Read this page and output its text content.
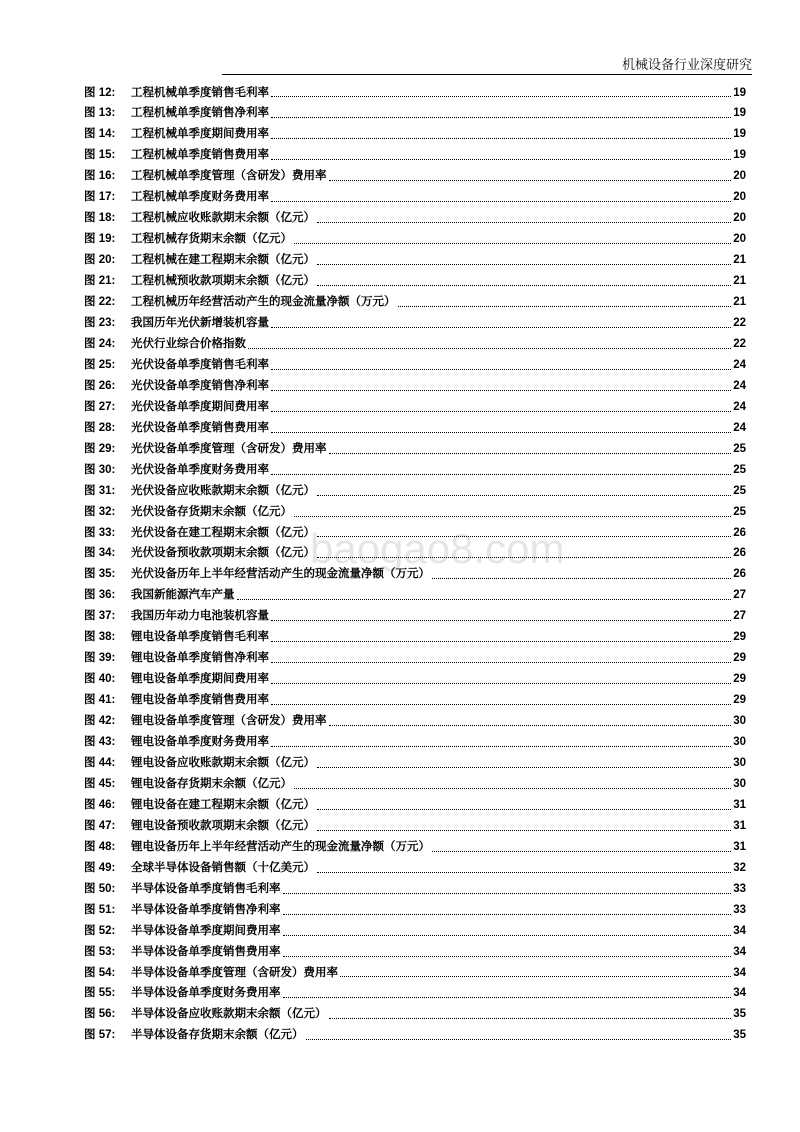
机械设备行业深度研究
图 12:	工程机械单季度销售毛利率	19
图 13:	工程机械单季度销售净利率	19
图 14:	工程机械单季度期间费用率	19
图 15:	工程机械单季度销售费用率	19
图 16:	工程机械单季度管理（含研发）费用率	20
图 17:	工程机械单季度财务费用率	20
图 18:	工程机械应收账款期末余额（亿元）	20
图 19:	工程机械存货期末余额（亿元）	20
图 20:	工程机械在建工程期末余额（亿元）	21
图 21:	工程机械预收款项期末余额（亿元）	21
图 22:	工程机械历年经营活动产生的现金流量净额（万元）	21
图 23:	我国历年光伏新增装机容量	22
图 24:	光伏行业综合价格指数	22
图 25:	光伏设备单季度销售毛利率	24
图 26:	光伏设备单季度销售净利率	24
图 27:	光伏设备单季度期间费用率	24
图 28:	光伏设备单季度销售费用率	24
图 29:	光伏设备单季度管理（含研发）费用率	25
图 30:	光伏设备单季度财务费用率	25
图 31:	光伏设备应收账款期末余额（亿元）	25
图 32:	光伏设备存货期末余额（亿元）	25
图 33:	光伏设备在建工程期末余额（亿元）	26
图 34:	光伏设备预收款项期末余额（亿元）	26
图 35:	光伏设备历年上半年经营活动产生的现金流量净额（万元）	26
图 36:	我国新能源汽车产量	27
图 37:	我国历年动力电池装机容量	27
图 38:	锂电设备单季度销售毛利率	29
图 39:	锂电设备单季度销售净利率	29
图 40:	锂电设备单季度期间费用率	29
图 41:	锂电设备单季度销售费用率	29
图 42:	锂电设备单季度管理（含研发）费用率	30
图 43:	锂电设备单季度财务费用率	30
图 44:	锂电设备应收账款期末余额（亿元）	30
图 45:	锂电设备存货期末余额（亿元）	30
图 46:	锂电设备在建工程期末余额（亿元）	31
图 47:	锂电设备预收款项期末余额（亿元）	31
图 48:	锂电设备历年上半年经营活动产生的现金流量净额（万元）	31
图 49:	全球半导体设备销售额（十亿美元）	32
图 50:	半导体设备单季度销售毛利率	33
图 51:	半导体设备单季度销售净利率	33
图 52:	半导体设备单季度期间费用率	34
图 53:	半导体设备单季度销售费用率	34
图 54:	半导体设备单季度管理（含研发）费用率	34
图 55:	半导体设备单季度财务费用率	34
图 56:	半导体设备应收账款期末余额（亿元）	35
图 57:	半导体设备存货期末余额（亿元）	35
baogao8.com
